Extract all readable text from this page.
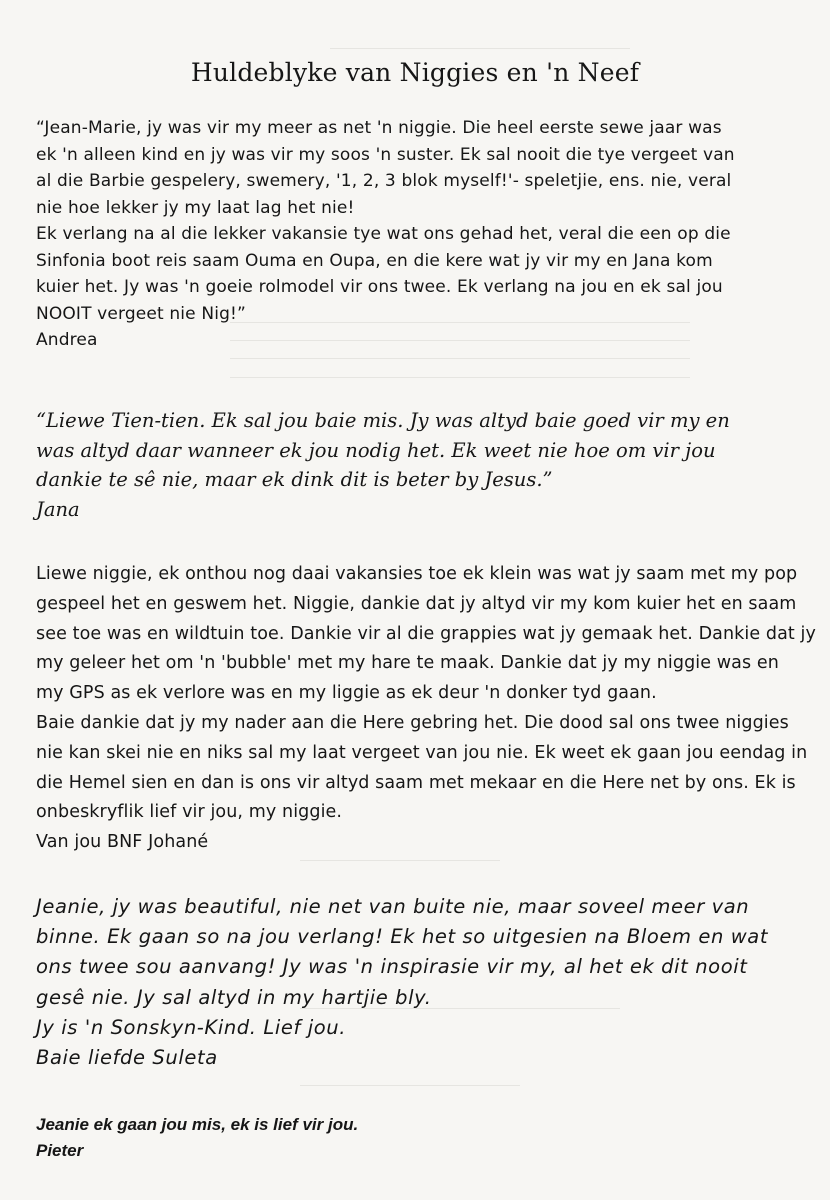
Huldeblyke van Niggies en 'n Neef
“Jean-Marie, jy was vir my meer as net 'n niggie. Die heel eerste sewe jaar was
ek 'n alleen kind en jy was vir my soos 'n suster. Ek sal nooit die tye vergeet van
al die Barbie gespelery, swemery, '1, 2, 3 blok myself!'- speletjie, ens. nie, veral
nie hoe lekker jy my laat lag het nie!
Ek verlang na al die lekker vakansie tye wat ons gehad het, veral die een op die
Sinfonia boot reis saam Ouma en Oupa, en die kere wat jy vir my en Jana kom
kuier het. Jy was 'n goeie rolmodel vir ons twee. Ek verlang na jou en ek sal jou
NOOIT vergeet nie Nig!”
Andrea
“Liewe Tien-tien. Ek sal jou baie mis. Jy was altyd baie goed vir my en
was altyd daar wanneer ek jou nodig het. Ek weet nie hoe om vir jou
dankie te sê nie, maar ek dink dit is beter by Jesus.”
Jana
Liewe niggie, ek onthou nog daai vakansies toe ek klein was wat jy saam met my pop
gespeel het en geswem het. Niggie, dankie dat jy altyd vir my kom kuier het en saam
see toe was en wildtuin toe. Dankie vir al die grappies wat jy gemaak het. Dankie dat jy
my geleer het om 'n 'bubble' met my hare te maak. Dankie dat jy my niggie was en
my GPS as ek verlore was en my liggie as ek deur 'n donker tyd gaan.
Baie dankie dat jy my nader aan die Here gebring het. Die dood sal ons twee niggies
nie kan skei nie en niks sal my laat vergeet van jou nie. Ek weet ek gaan jou eendag in
die Hemel sien en dan is ons vir altyd saam met mekaar en die Here net by ons. Ek is
onbeskryflik lief vir jou, my niggie.
Van jou BNF Johané
Jeanie, jy was beautiful, nie net van buite nie, maar soveel meer van
binne. Ek gaan so na jou verlang! Ek het so uitgesien na Bloem en wat
ons twee sou aanvang! Jy was 'n inspirasie vir my, al het ek dit nooit
gesê nie. Jy sal altyd in my hartjie bly.
Jy is 'n Sonskyn-Kind. Lief jou.
Baie liefde Suleta
Jeanie ek gaan jou mis, ek is lief vir jou.
Pieter
